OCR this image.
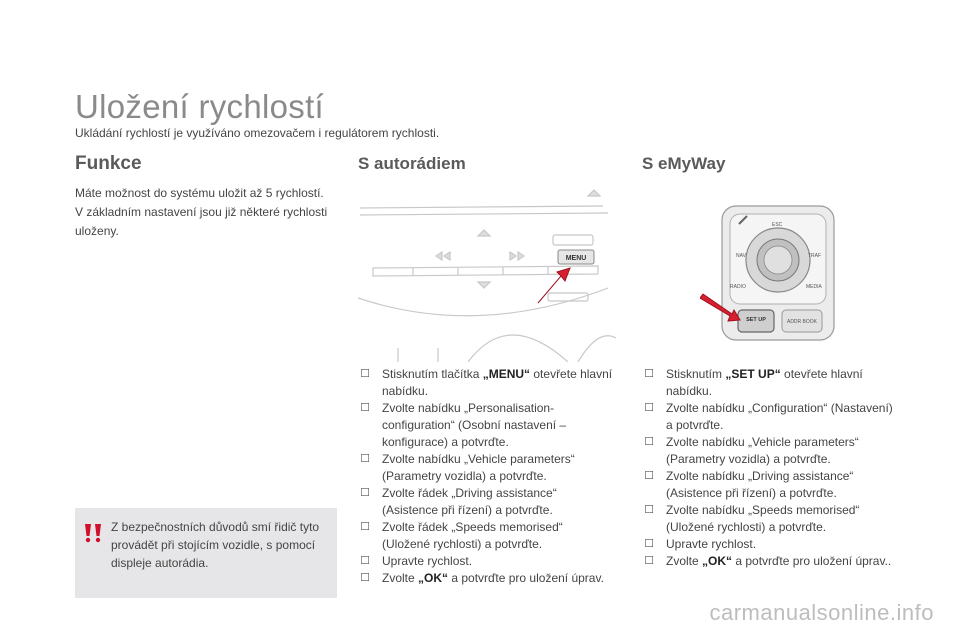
Uložení rychlostí
Ukládání rychlostí je využíváno omezovačem i regulátorem rychlosti.
Funkce
Máte možnost do systému uložit až 5 rychlostí.
V základním nastavení jsou již některé rychlosti
uloženy.
Z bezpečnostních důvodů smí řidič tyto
provádět při stojícím vozidle, s pomocí
displeje autorádia.
S autorádiem
MENU
☐ Stisknutím tlačítka „MENU“ otevřete hlavní
nabídku.
☐ Zvolte nabídku „Personalisation-
configuration“ (Osobní nastavení –
konfigurace) a potvrďte.
☐ Zvolte nabídku „Vehicle parameters“
(Parametry vozidla) a potvrďte.
☐ Zvolte řádek „Driving assistance“
(Asistence při řízení) a potvrďte.
☐ Zvolte řádek „Speeds memorised“
(Uložené rychlosti) a potvrďte.
☐ Upravte rychlost.
☐ Zvolte „OK“ a potvrďte pro uložení úprav.
S eMyWay
ESC
NAV	TRAF
RADIO	MEDIA
SET UP	ADDR BOOK
☐ Stisknutím „SET UP“ otevřete hlavní
nabídku.
☐ Zvolte nabídku „Configuration“ (Nastavení)
a potvrďte.
☐ Zvolte nabídku „Vehicle parameters“
(Parametry vozidla) a potvrďte.
☐ Zvolte nabídku „Driving assistance“
(Asistence při řízení) a potvrďte.
☐ Zvolte nabídku „Speeds memorised“
(Uložené rychlosti) a potvrďte.
☐ Upravte rychlost.
☐ Zvolte „OK“ a potvrďte pro uložení úprav..
carmanualsonline.info
